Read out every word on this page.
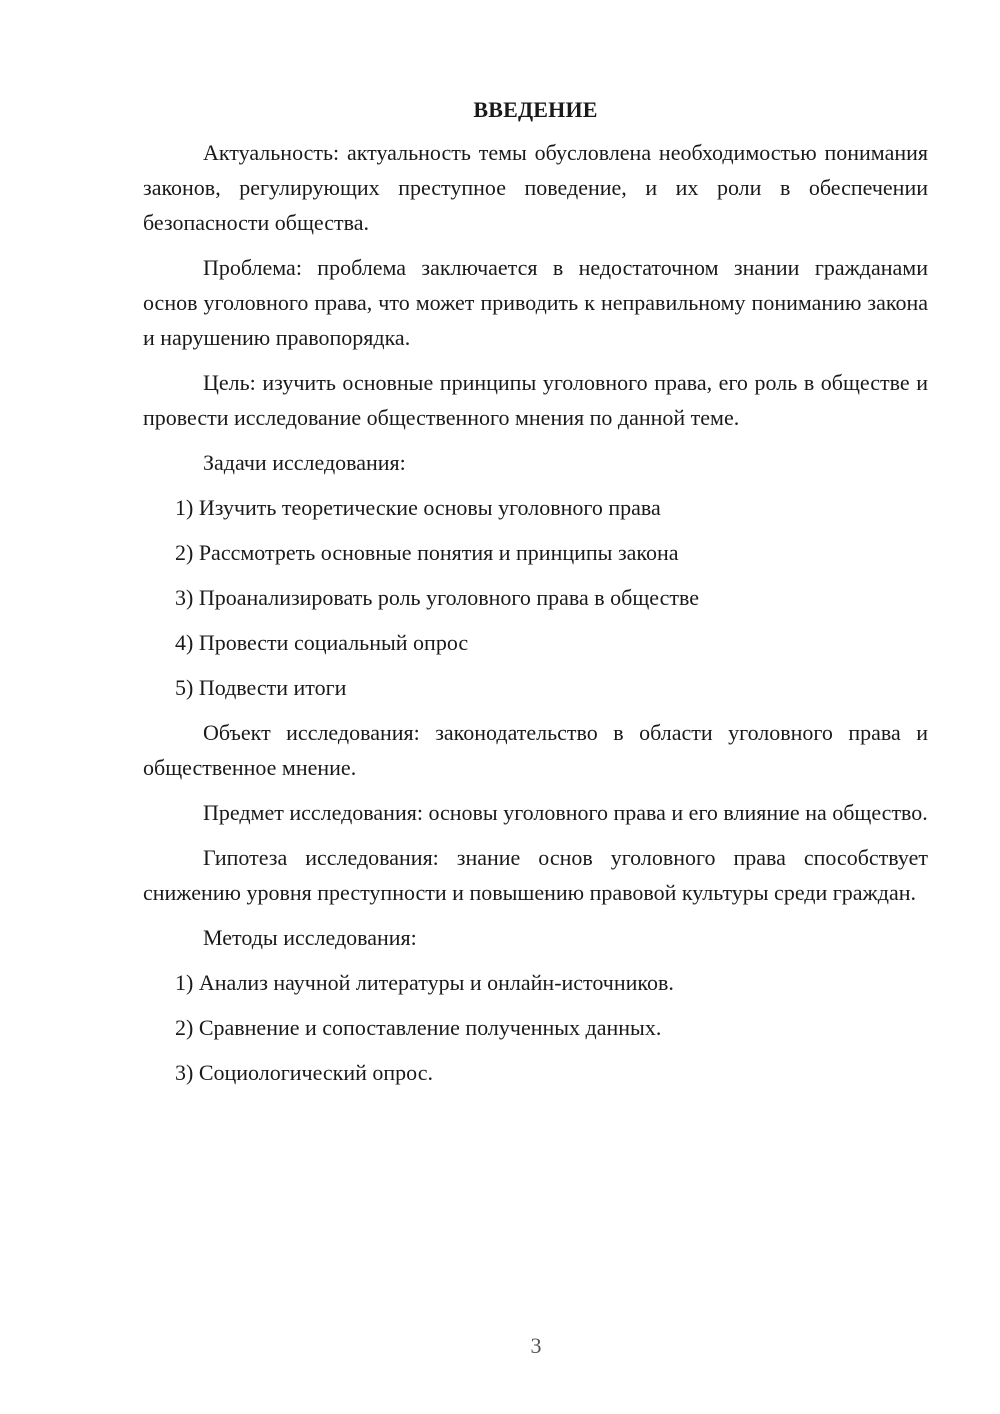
ВВЕДЕНИЕ

Актуальность: актуальность темы обусловлена необходимостью понимания законов, регулирующих преступное поведение, и их роли в обеспечении безопасности общества.

Проблема: проблема заключается в недостаточном знании гражданами основ уголовного права, что может приводить к неправильному пониманию закона и нарушению правопорядка.

Цель: изучить основные принципы уголовного права, его роль в обществе и провести исследование общественного мнения по данной теме.

Задачи исследования:

1) Изучить теоретические основы уголовного права
2) Рассмотреть основные понятия и принципы закона
3) Проанализировать роль уголовного права в обществе
4) Провести социальный опрос
5) Подвести итоги

Объект исследования: законодательство в области уголовного права и общественное мнение.

Предмет исследования: основы уголовного права и его влияние на общество.

Гипотеза исследования: знание основ уголовного права способствует снижению уровня преступности и повышению правовой культуры среди граждан.

Методы исследования:

1) Анализ научной литературы и онлайн-источников.
2) Сравнение и сопоставление полученных данных.
3) Социологический опрос.
3
